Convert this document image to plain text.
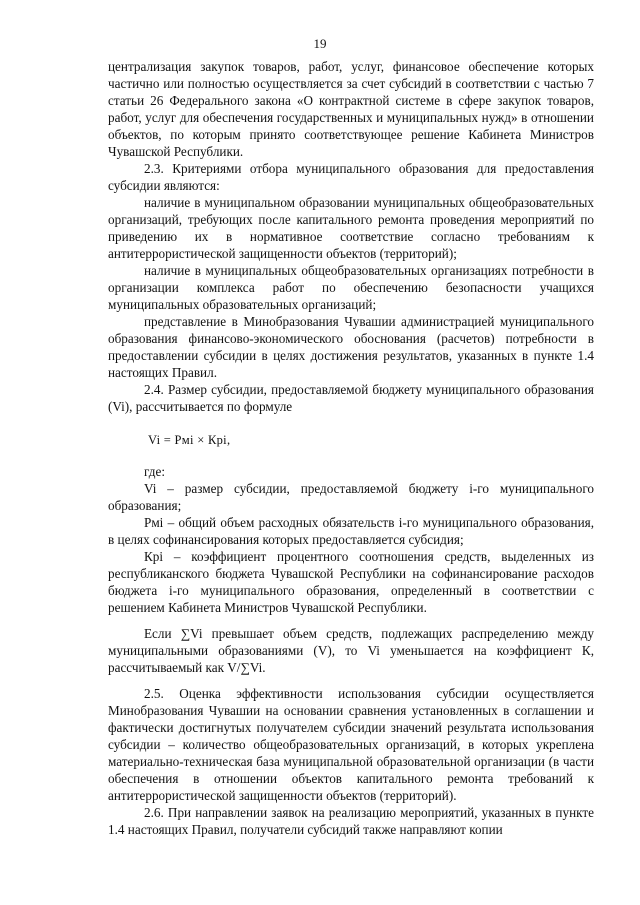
19

централизация закупок товаров, работ, услуг, финансовое обеспечение которых частично или полностью осуществляется за счет субсидий в соответствии с частью 7 статьи 26 Федерального закона «О контрактной системе в сфере закупок товаров, работ, услуг для обеспечения государственных и муниципальных нужд» в отношении объектов, по которым принято соответствующее решение Кабинета Министров Чувашской Республики.

2.3. Критериями отбора муниципального образования для предоставления субсидии являются:

наличие в муниципальном образовании муниципальных общеобразовательных организаций, требующих после капитального ремонта проведения мероприятий по приведению их в нормативное соответствие согласно требованиям к антитеррористической защищенности объектов (территорий);

наличие в муниципальных общеобразовательных организациях потребности в организации комплекса работ по обеспечению безопасности учащихся муниципальных образовательных организаций;

представление в Минобразования Чувашии администрацией муниципального образования финансово-экономического обоснования (расчетов) потребности в предоставлении субсидии в целях достижения результатов, указанных в пункте 1.4 настоящих Правил.

2.4. Размер субсидии, предоставляемой бюджету муниципального образования (Vi), рассчитывается по формуле

Vi = Рмi × Крi,

где:

Vi – размер субсидии, предоставляемой бюджету i-го муниципального образования;

Рмi – общий объем расходных обязательств i-го муниципального образования, в целях софинансирования которых предоставляется субсидия;

Крi – коэффициент процентного соотношения средств, выделенных из республиканского бюджета Чувашской Республики на софинансирование расходов бюджета i-го муниципального образования, определенный в соответствии с решением Кабинета Министров Чувашской Республики.

Если ∑Vi превышает объем средств, подлежащих распределению между муниципальными образованиями (V), то Vi уменьшается на коэффициент К, рассчитываемый как V/∑Vi.

2.5. Оценка эффективности использования субсидии осуществляется Минобразования Чувашии на основании сравнения установленных в соглашении и фактически достигнутых получателем субсидии значений результата использования субсидии – количество общеобразовательных организаций, в которых укреплена материально-техническая база муниципальной образовательной организации (в части обеспечения в отношении объектов капитального ремонта требований к антитеррористической защищенности объектов (территорий).

2.6. При направлении заявок на реализацию мероприятий, указанных в пункте 1.4 настоящих Правил, получатели субсидий также направляют копии
